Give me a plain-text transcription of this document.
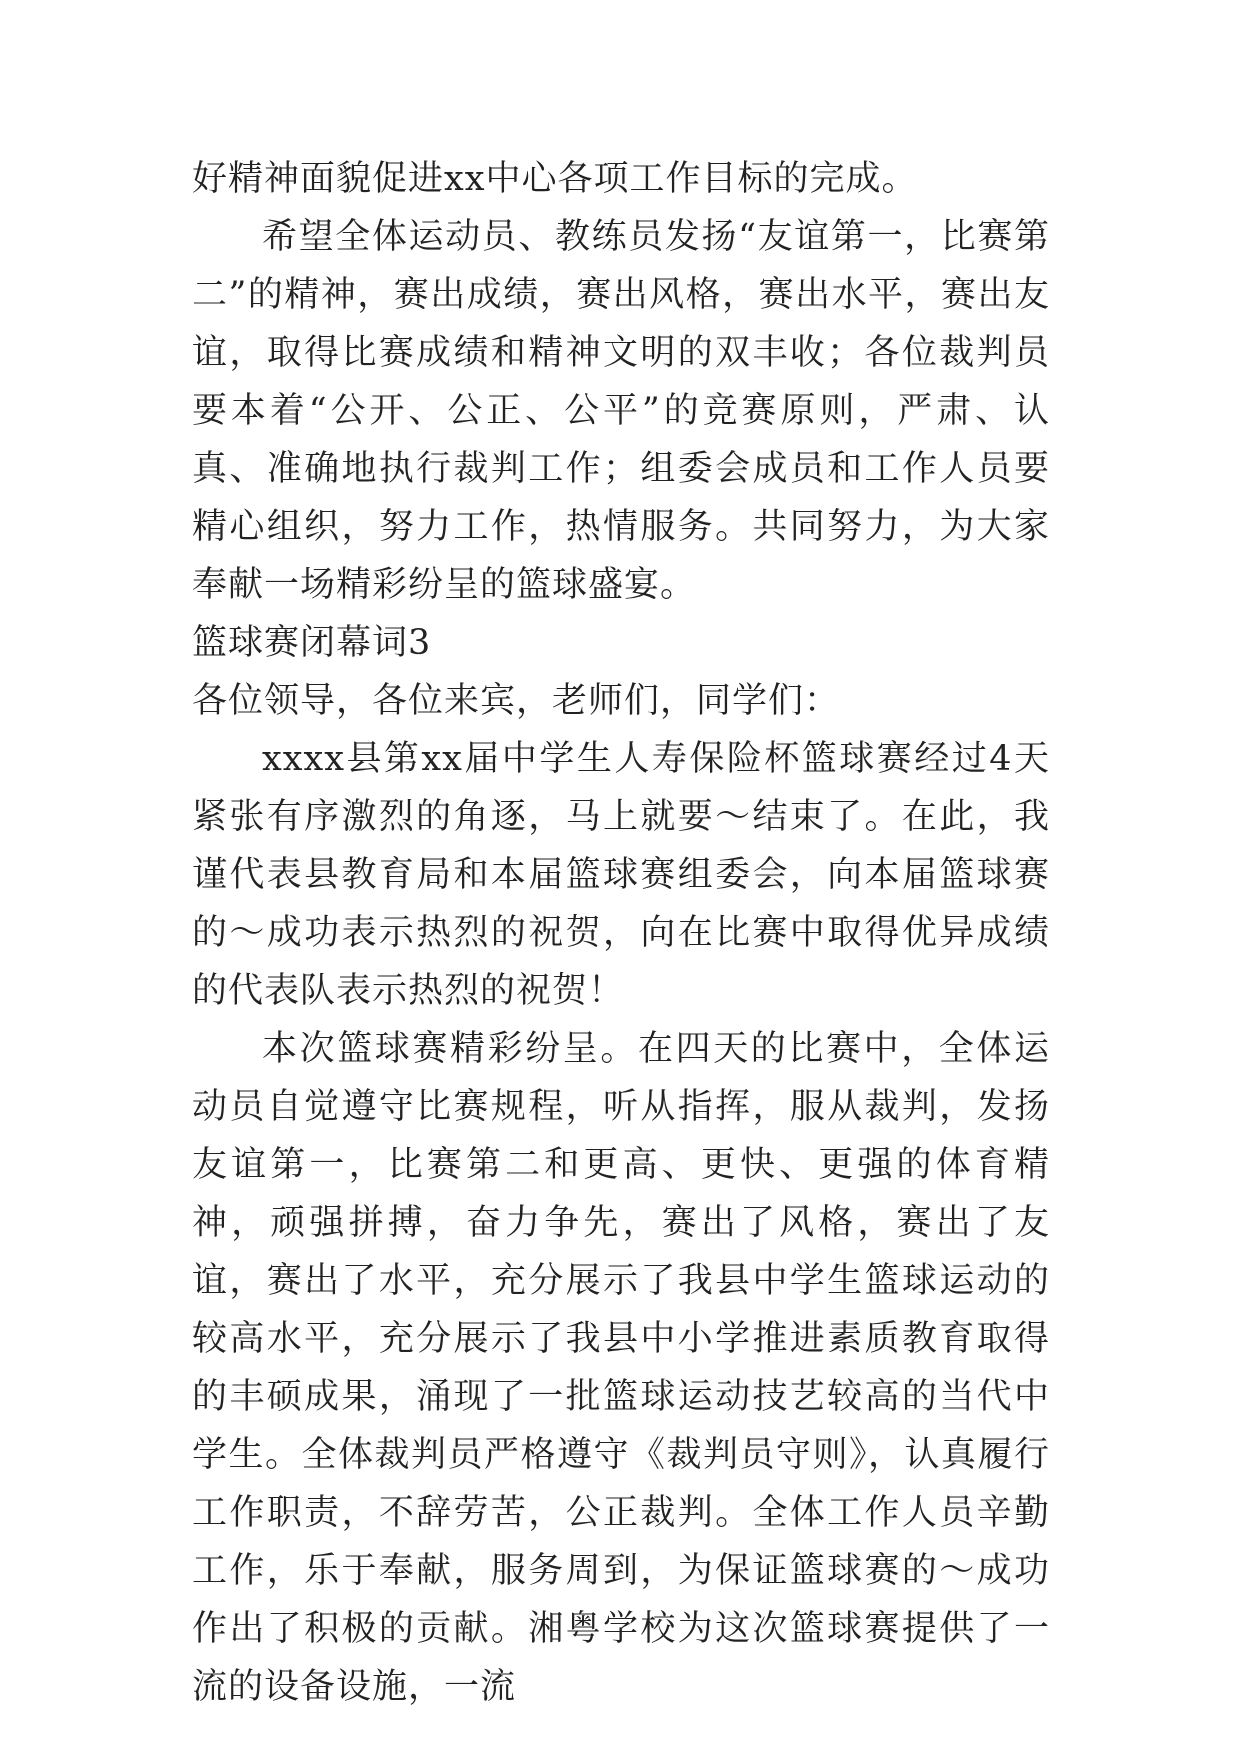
好精神面貌促进xx中心各项工作目标的完成。

希望全体运动员、教练员发扬“友谊第一，比赛第二”的精神，赛出成绩，赛出风格，赛出水平，赛出友谊，取得比赛成绩和精神文明的双丰收；各位裁判员要本着“公开、公正、公平”的竞赛原则，严肃、认真、准确地执行裁判工作；组委会成员和工作人员要精心组织，努力工作，热情服务。共同努力，为大家奉献一场精彩纷呈的篮球盛宴。

篮球赛闭幕词3

各位领导，各位来宾，老师们，同学们：

xxxx县第xx届中学生人寿保险杯篮球赛经过4天紧张有序激烈的角逐，马上就要～结束了。在此，我谨代表县教育局和本届篮球赛组委会，向本届篮球赛的～成功表示热烈的祝贺，向在比赛中取得优异成绩的代表队表示热烈的祝贺！

本次篮球赛精彩纷呈。在四天的比赛中，全体运动员自觉遵守比赛规程，听从指挥，服从裁判，发扬友谊第一，比赛第二和更高、更快、更强的体育精神，顽强拼搏，奋力争先，赛出了风格，赛出了友谊，赛出了水平，充分展示了我县中学生篮球运动的较高水平，充分展示了我县中小学推进素质教育取得的丰硕成果，涌现了一批篮球运动技艺较高的当代中学生。全体裁判员严格遵守《裁判员守则》，认真履行工作职责，不辞劳苦，公正裁判。全体工作人员辛勤工作，乐于奉献，服务周到，为保证篮球赛的～成功作出了积极的贡献。湘粤学校为这次篮球赛提供了一流的设备设施，一流
